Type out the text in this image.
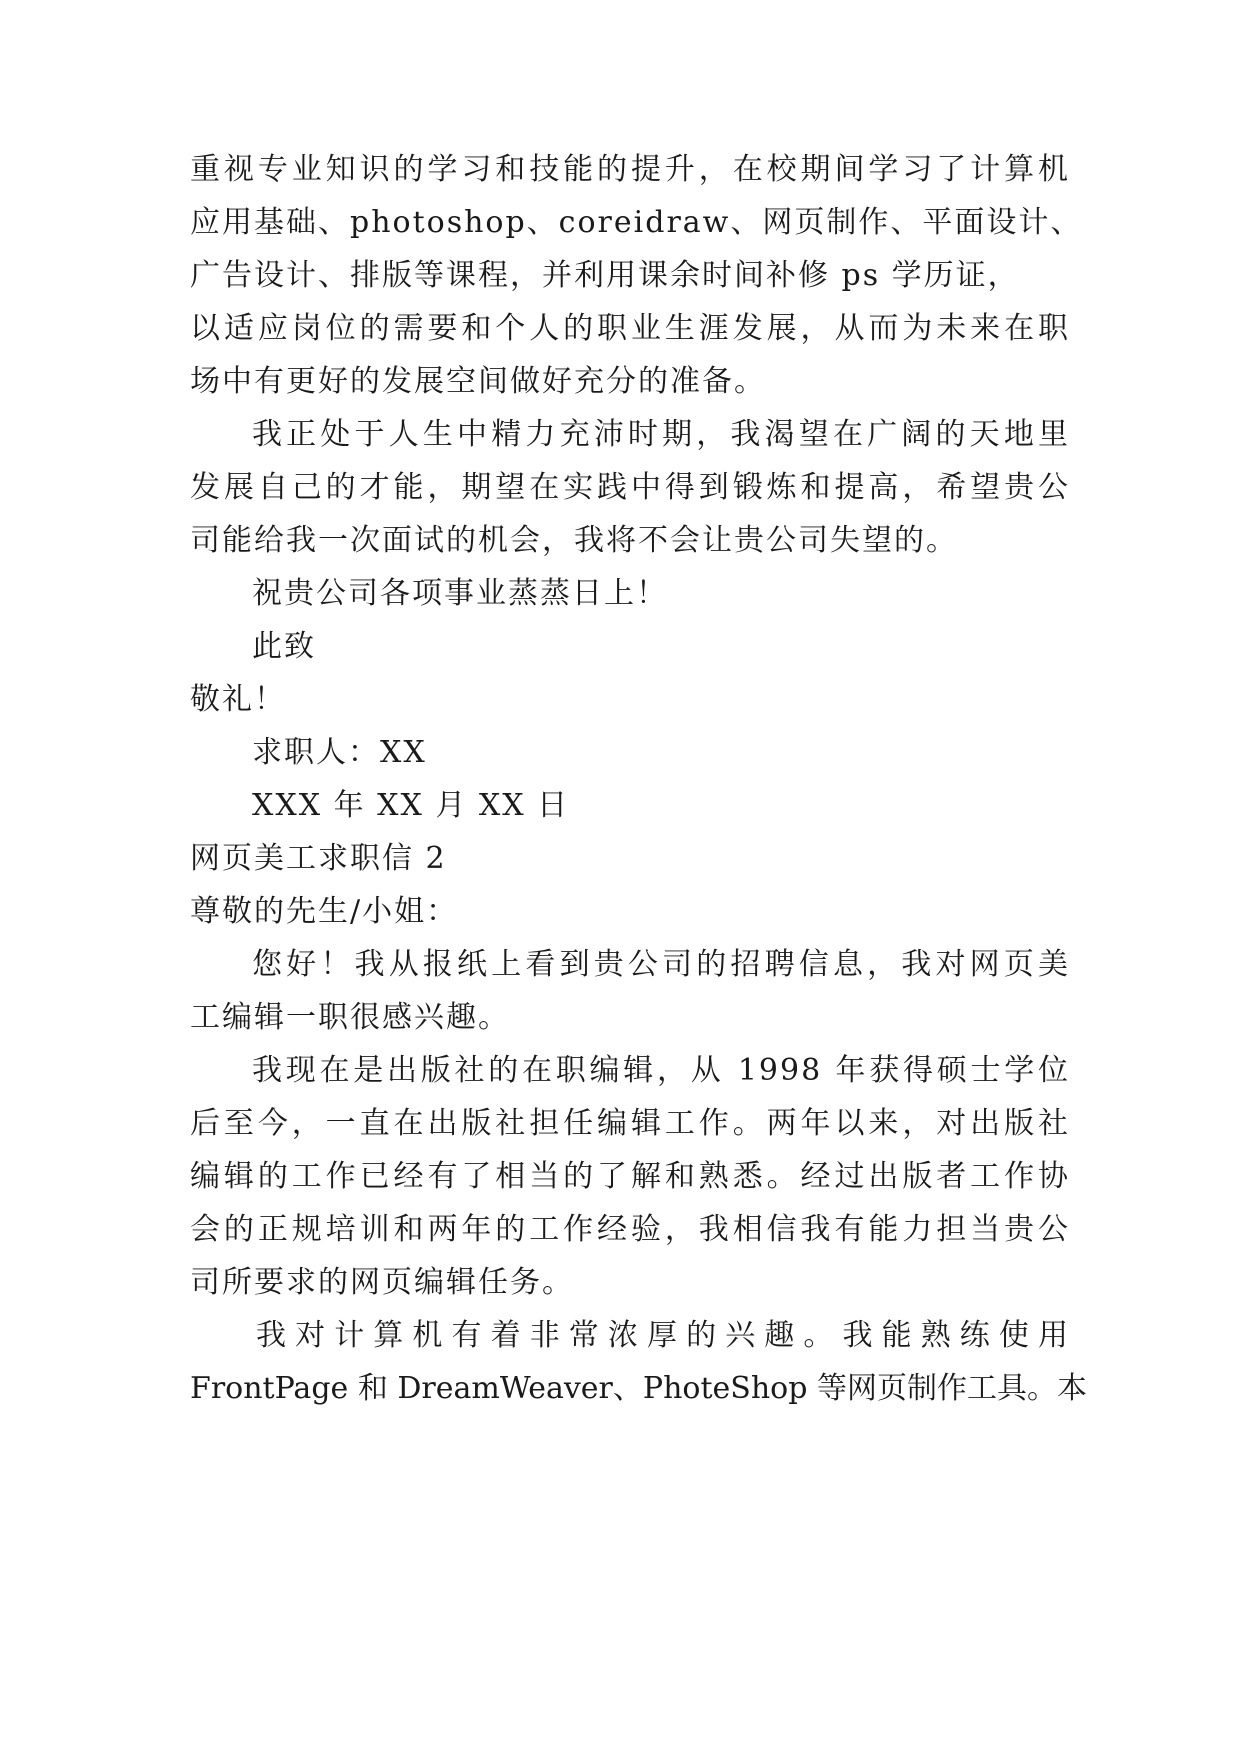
重视专业知识的学习和技能的提升，在校期间学习了计算机
应用基础、photoshop、coreidraw、网页制作、平面设计、
广告设计、排版等课程，并利用课余时间补修 ps 学历证，
以适应岗位的需要和个人的职业生涯发展，从而为未来在职
场中有更好的发展空间做好充分的准备。
我正处于人生中精力充沛时期，我渴望在广阔的天地里
发展自己的才能，期望在实践中得到锻炼和提高，希望贵公
司能给我一次面试的机会，我将不会让贵公司失望的。
祝贵公司各项事业蒸蒸日上！
此致
敬礼！
求职人：XX
XXX 年 XX 月 XX 日
网页美工求职信 2
尊敬的先生/小姐：
您好！我从报纸上看到贵公司的招聘信息，我对网页美
工编辑一职很感兴趣。
我现在是出版社的在职编辑，从 1998 年获得硕士学位
后至今，一直在出版社担任编辑工作。两年以来，对出版社
编辑的工作已经有了相当的了解和熟悉。经过出版者工作协
会的正规培训和两年的工作经验，我相信我有能力担当贵公
司所要求的网页编辑任务。
我对计算机有着非常浓厚的兴趣。我能熟练使用
FrontPage 和 DreamWeaver、PhoteShop 等网页制作工具。本
